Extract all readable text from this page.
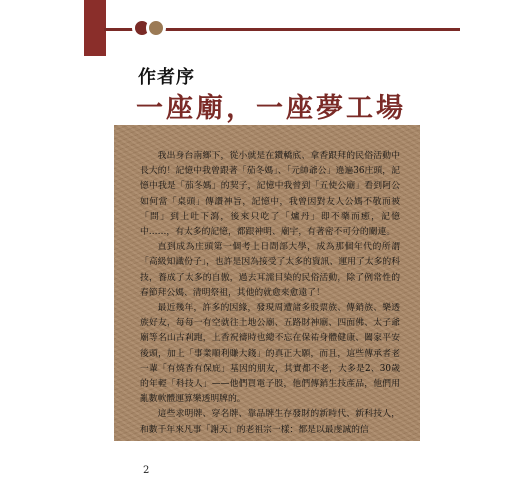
作者序
一座廟，一座夢工場

我出身台南鄉下，從小就是在鑽轎底、拿香跟拜的民俗活動中長大的！記憶中我曾跟著「茄冬媽」、「元帥爺公」遶遍36庄頭，記憶中我是「茄冬媽」的契子，記憶中我曾到「五使公廟」看到阿公如何當「桌頭」傳讚神旨，記憶中，我曾因對友人公媽不敬而被「問」到上吐下瀉，後來只吃了「爐丹」即不藥而癒，記憶中……，有太多的記憶，都跟神明、廟宇，有著密不可分的關連。

直到成為庄頭第一個考上日間部大學，成為那個年代的所謂「高級知識份子」，也許是因為接受了太多的資訊、運用了太多的科技，養成了太多的自傲，過去耳濡目染的民俗活動，除了例常性的春節拜公媽、清明祭祖，其他的就愈來愈遠了！

最近幾年，許多的因緣，發現周遭諸多股票族、傳銷族、樂透族好友，每每一有空就往土地公廟、五路財神廟、四面佛、太子爺廟等名山古剎跑，上香祝禱時也總不忘在保祐身體健康、闔家平安後頭，加上「事業順利賺大錢」的真正大願，而且，這些傳承者老一輩「有燒香有保庇」基因的朋友，其實都不老，大多是2、30歲的年輕「科技人」——他們買電子股，他們傳銷生技產品，他們用亂數軟體運算樂透明牌的。

這些求明牌、穿名牌、靠品牌生存發財的新時代、新科技人，和數千年來凡事「謝天」的老祖宗一樣：都是以最虔誠的信

2
